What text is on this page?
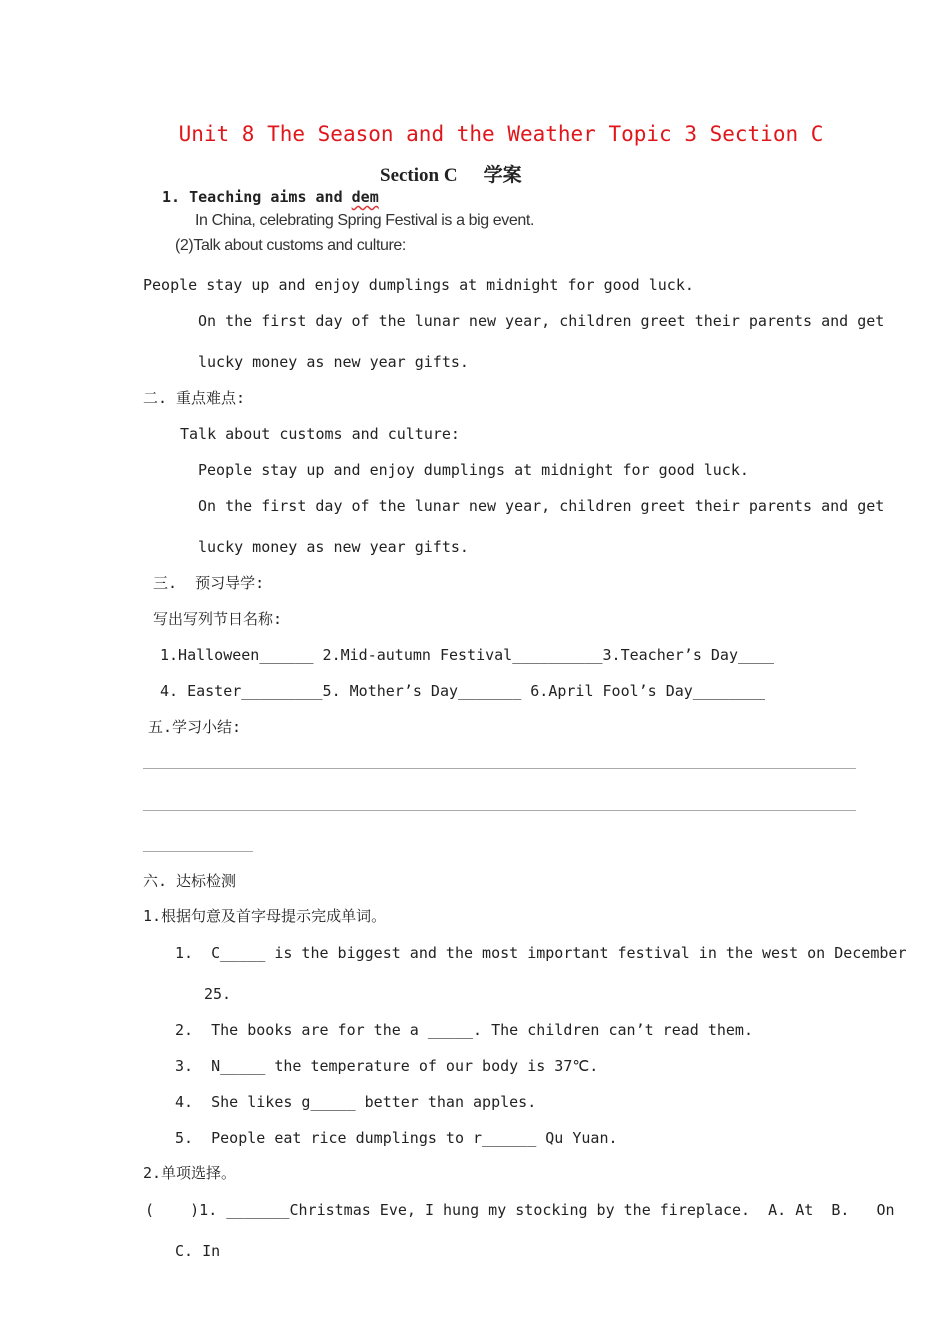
Unit 8 The Season and the Weather Topic 3 Section C
Section C 学案
1. Teaching aims and dem
In China, celebrating Spring Festival is a big event.
(2)Talk about customs and culture:
People stay up and enjoy dumplings at midnight for good luck.
On the first day of the lunar new year, children greet their parents and get
lucky money as new year gifts.
二. 重点难点:
Talk about customs and culture:
People stay up and enjoy dumplings at midnight for good luck.
On the first day of the lunar new year, children greet their parents and get
lucky money as new year gifts.
三.  预习导学:
写出写列节日名称:
1.Halloween______ 2.Mid-autumn Festival__________3.Teacher’s Day____
4. Easter_________5. Mother’s Day_______ 6.April Fool’s Day________
五.学习小结:
六. 达标检测
1.根据句意及首字母提示完成单词。
1.  C_____ is the biggest and the most important festival in the west on December
25.
2.  The books are for the a _____. The children can’t read them.
3.  N_____ the temperature of our body is 37℃.
4.  She likes g_____ better than apples.
5.  People eat rice dumplings to r______ Qu Yuan.
2.单项选择。
(    )1. _______Christmas Eve, I hung my stocking by the fireplace.  A. At  B.   On
C. In
